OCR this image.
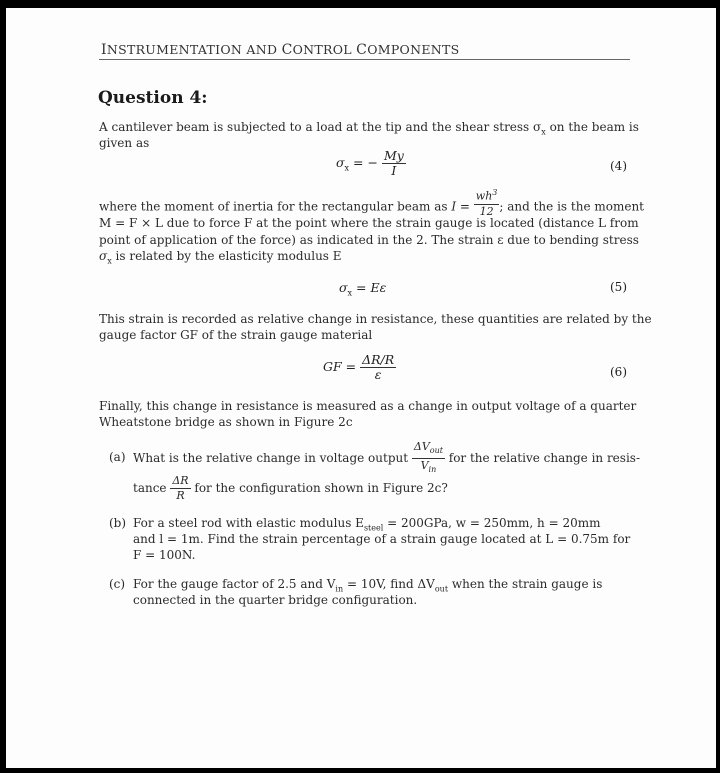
INSTRUMENTATION AND CONTROL COMPONENTS
Question 4:
A cantilever beam is subjected to a load at the tip and the shear stress $\sigma_x$ on the beam is
given as
$\sigma_x$ = − $\frac{My}{I}$	(4)
where the moment of inertia for the rectangular beam as $I = \frac{wh^3}{12}$ ; and the is the moment
M = F × L due to force F at the point where the strain gauge is located (distance L from
point of application of the force) as indicated in the 2. The strain ε due to bending stress
$\sigma_x$ is related by the elasticity modulus E
$\sigma_x = E\varepsilon$	(5)
This strain is recorded as relative change in resistance, these quantities are related by the
gauge factor GF of the strain gauge material
GF = $\frac{\Delta R/R}{\varepsilon}$	(6)
Finally, this change in resistance is measured as a change in output voltage of a quarter
Wheatstone bridge as shown in Figure 2c
(a) What is the relative change in voltage output $\frac{\Delta V_{out}}{V_{in}}$ for the relative change in resis-
tance $\frac{\Delta R}{R}$ for the configuration shown in Figure 2c?
(b) For a steel rod with elastic modulus $E_{steel} = 200GPa$, w = 250mm, h = 20mm
and l = 1m. Find the strain percentage of a strain gauge located at L = 0.75m for
F = 100N.
(c) For the gauge factor of 2.5 and $V_{in} = 10V$, find $\Delta V_{out}$ when the strain gauge is
connected in the quarter bridge configuration.
